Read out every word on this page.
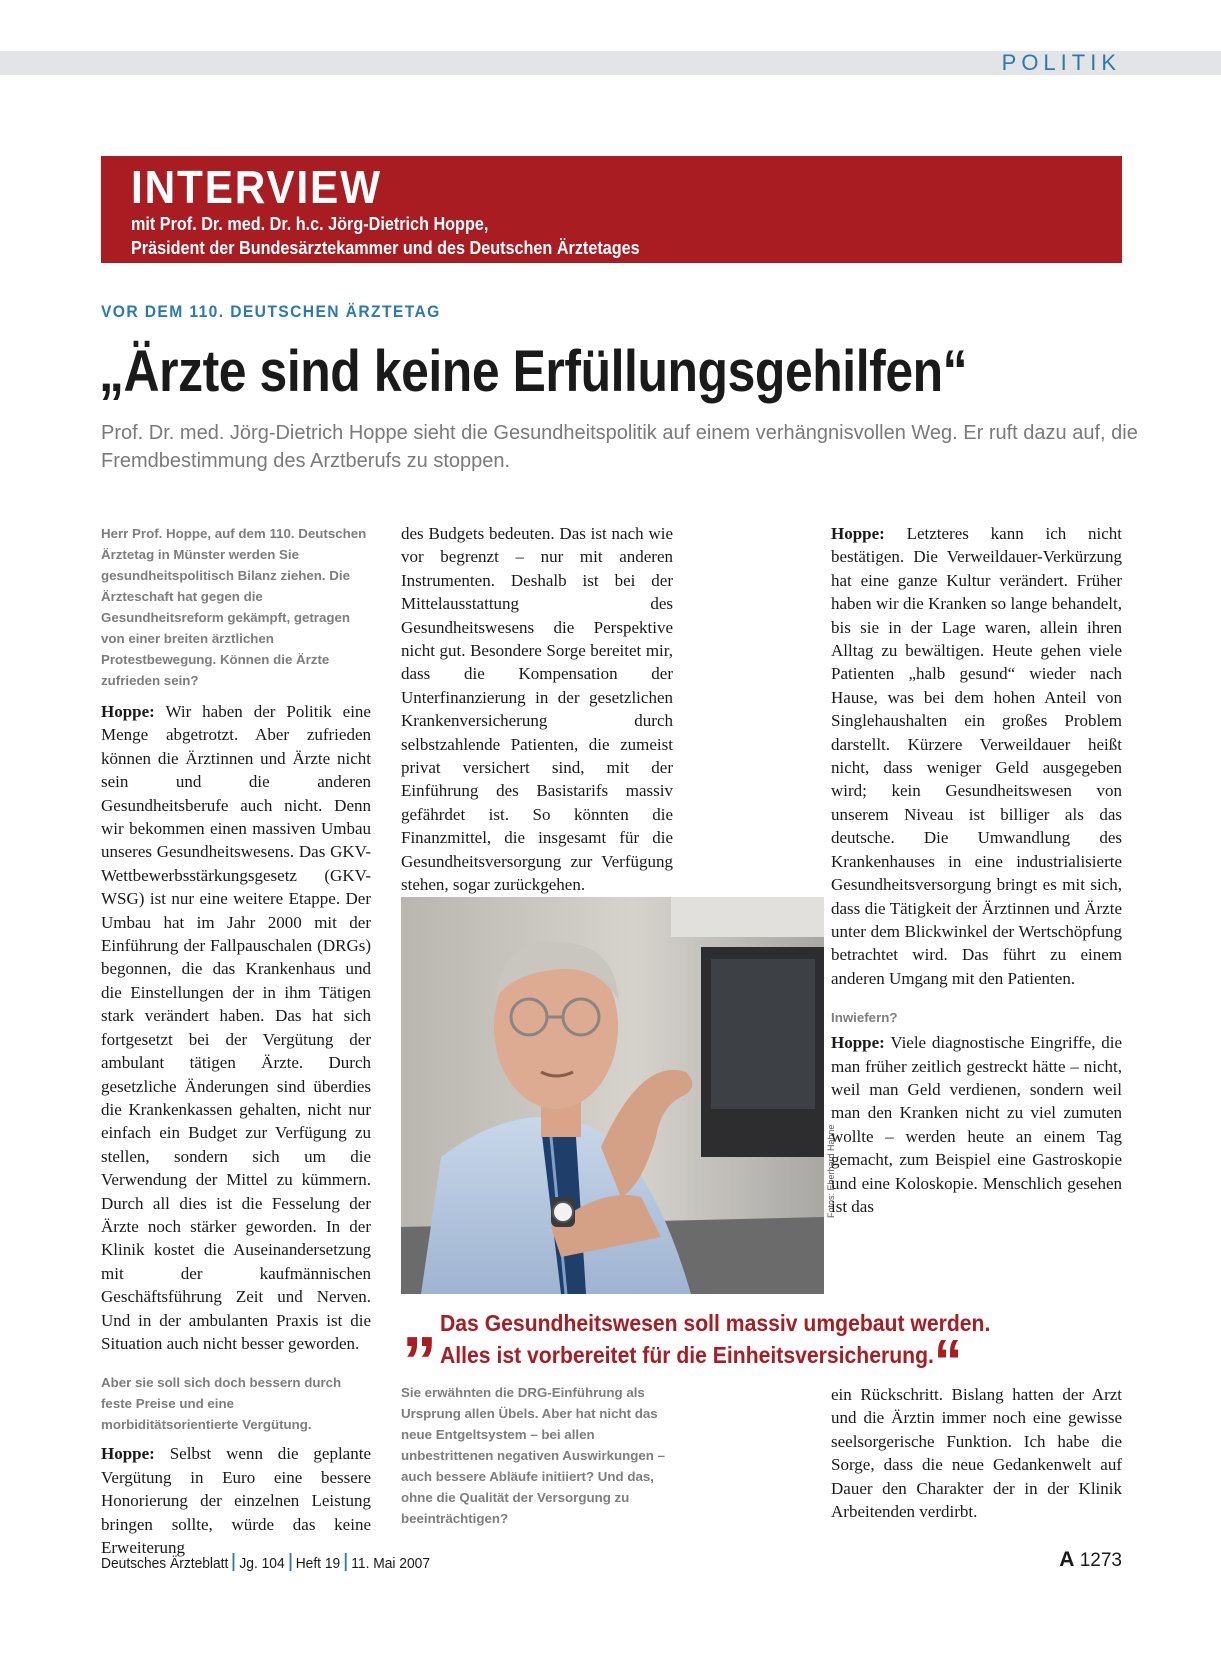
POLITIK
INTERVIEW
mit Prof. Dr. med. Dr. h.c. Jörg-Dietrich Hoppe,
Präsident der Bundesärztekammer und des Deutschen Ärztetages
VOR DEM 110. DEUTSCHEN ÄRZTETAG
„Ärzte sind keine Erfüllungsgehilfen“
Prof. Dr. med. Jörg-Dietrich Hoppe sieht die Gesundheitspolitik auf einem verhängnisvollen Weg. Er ruft dazu auf, die Fremdbestimmung des Arztberufs zu stoppen.

Herr Prof. Hoppe, auf dem 110. Deutschen Ärztetag in Münster werden Sie gesundheitspolitisch Bilanz ziehen. Die Ärzteschaft hat gegen die Gesundheitsreform gekämpft, getragen von einer breiten ärztlichen Protestbewegung. Können die Ärzte zufrieden sein?

Hoppe: Wir haben der Politik eine Menge abgetrotzt. Aber zufrieden können die Ärztinnen und Ärzte nicht sein und die anderen Gesundheitsberufe auch nicht. Denn wir bekommen einen massiven Umbau unseres Gesundheitswesens. Das GKV-Wettbewerbsstärkungsgesetz (GKV-WSG) ist nur eine weitere Etappe. Der Umbau hat im Jahr 2000 mit der Einführung der Fallpauschalen (DRGs) begonnen, die das Krankenhaus und die Einstellungen der in ihm Tätigen stark verändert haben. Das hat sich fortgesetzt bei der Vergütung der ambulant tätigen Ärzte. Durch gesetzliche Änderungen sind überdies die Krankenkassen gehalten, nicht nur einfach ein Budget zur Verfügung zu stellen, sondern sich um die Verwendung der Mittel zu kümmern. Durch all dies ist die Fesselung der Ärzte noch stärker geworden. In der Klinik kostet die Auseinandersetzung mit der kaufmännischen Geschäftsführung Zeit und Nerven. Und in der ambulanten Praxis ist die Situation auch nicht besser geworden.

Aber sie soll sich doch bessern durch feste Preise und eine morbiditätsorientierte Vergütung.

Hoppe: Selbst wenn die geplante Vergütung in Euro eine bessere Honorierung der einzelnen Leistung bringen sollte, würde das keine Erweiterung

des Budgets bedeuten. Das ist nach wie vor begrenzt – nur mit anderen Instrumenten. Deshalb ist bei der Mittelausstattung des Gesundheitswesens die Perspektive nicht gut. Besondere Sorge bereitet mir, dass die Kompensation der Unterfinanzierung in der gesetzlichen Krankenversicherung durch selbstzahlende Patienten, die zumeist privat versichert sind, mit der Einführung des Basistarifs massiv gefährdet ist. So könnten die Finanzmittel, die insgesamt für die Gesundheitsversorgung zur Verfügung stehen, sogar zurückgehen.

Fotos: Eberhard Hahne

Hoppe: Letzteres kann ich nicht bestätigen. Die Verweildauer-Verkürzung hat eine ganze Kultur verändert. Früher haben wir die Kranken so lange behandelt, bis sie in der Lage waren, allein ihren Alltag zu bewältigen. Heute gehen viele Patienten „halb gesund“ wieder nach Hause, was bei dem hohen Anteil von Singlehaushalten ein großes Problem darstellt. Kürzere Verweildauer heißt nicht, dass weniger Geld ausgegeben wird; kein Gesundheitswesen von unserem Niveau ist billiger als das deutsche. Die Umwandlung des Krankenhauses in eine industrialisierte Gesundheitsversorgung bringt es mit sich, dass die Tätigkeit der Ärztinnen und Ärzte unter dem Blickwinkel der Wertschöpfung betrachtet wird. Das führt zu einem anderen Umgang mit den Patienten.

Inwiefern?

Hoppe: Viele diagnostische Eingriffe, die man früher zeitlich gestreckt hätte – nicht, weil man Geld verdienen, sondern weil man den Kranken nicht zu viel zumuten wollte – werden heute an einem Tag gemacht, zum Beispiel eine Gastroskopie und eine Koloskopie. Menschlich gesehen ist das

„ Das Gesundheitswesen soll massiv umgebaut werden.
Alles ist vorbereitet für die Einheitsversicherung.“

Sie erwähnten die DRG-Einführung als Ursprung allen Übels. Aber hat nicht das neue Entgeltsystem – bei allen unbestrittenen negativen Auswirkungen – auch bessere Abläufe initiiert? Und das, ohne die Qualität der Versorgung zu beeinträchtigen?

ein Rückschritt. Bislang hatten der Arzt und die Ärztin immer noch eine gewisse seelsorgerische Funktion. Ich habe die Sorge, dass die neue Gedankenwelt auf Dauer den Charakter der in der Klinik Arbeitenden verdirbt.

Deutsches Ärzteblatt Jg. 104 Heft 19 11. Mai 2007	A 1273
